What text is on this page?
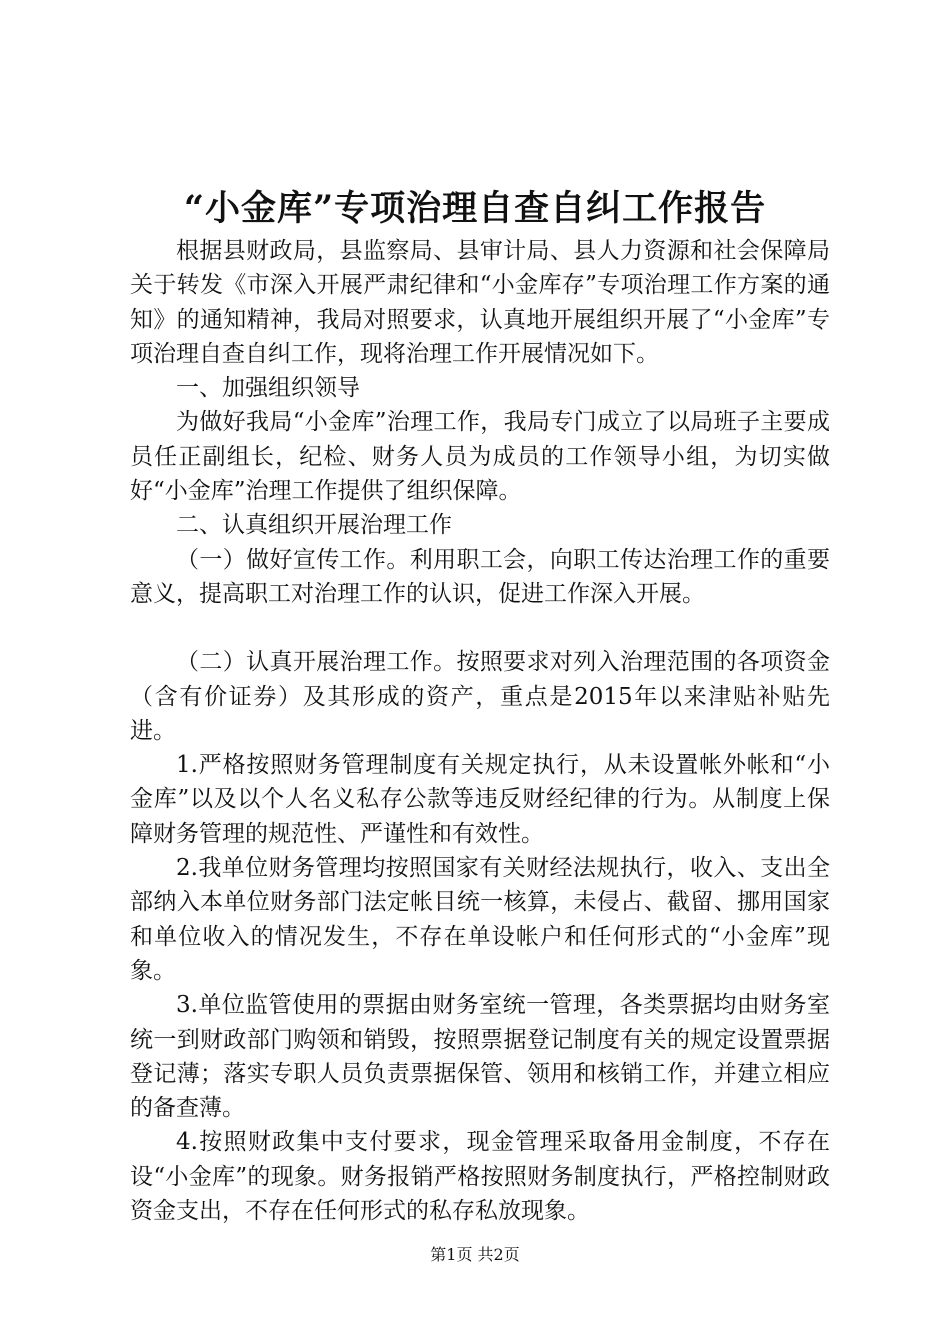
“小金库”专项治理自查自纠工作报告

根据县财政局，县监察局、县审计局、县人力资源和社会保障局关于转发《市深入开展严肃纪律和“小金库存”专项治理工作方案的通知》的通知精神，我局对照要求，认真地开展组织开展了“小金库”专项治理自查自纠工作，现将治理工作开展情况如下。

一、加强组织领导

为做好我局“小金库”治理工作，我局专门成立了以局班子主要成员任正副组长，纪检、财务人员为成员的工作领导小组，为切实做好“小金库”治理工作提供了组织保障。

二、认真组织开展治理工作

（一）做好宣传工作。利用职工会，向职工传达治理工作的重要意义，提高职工对治理工作的认识，促进工作深入开展。

（二）认真开展治理工作。按照要求对列入治理范围的各项资金（含有价证券）及其形成的资产，重点是2015年以来津贴补贴先进。

1.严格按照财务管理制度有关规定执行，从未设置帐外帐和“小金库”以及以个人名义私存公款等违反财经纪律的行为。从制度上保障财务管理的规范性、严谨性和有效性。

2.我单位财务管理均按照国家有关财经法规执行，收入、支出全部纳入本单位财务部门法定帐目统一核算，未侵占、截留、挪用国家和单位收入的情况发生，不存在单设帐户和任何形式的“小金库”现象。

3.单位监管使用的票据由财务室统一管理，各类票据均由财务室统一到财政部门购领和销毁，按照票据登记制度有关的规定设置票据登记薄；落实专职人员负责票据保管、领用和核销工作，并建立相应的备查薄。

4.按照财政集中支付要求，现金管理采取备用金制度，不存在设“小金库”的现象。财务报销严格按照财务制度执行，严格控制财政资金支出，不存在任何形式的私存私放现象。

第1页 共2页
